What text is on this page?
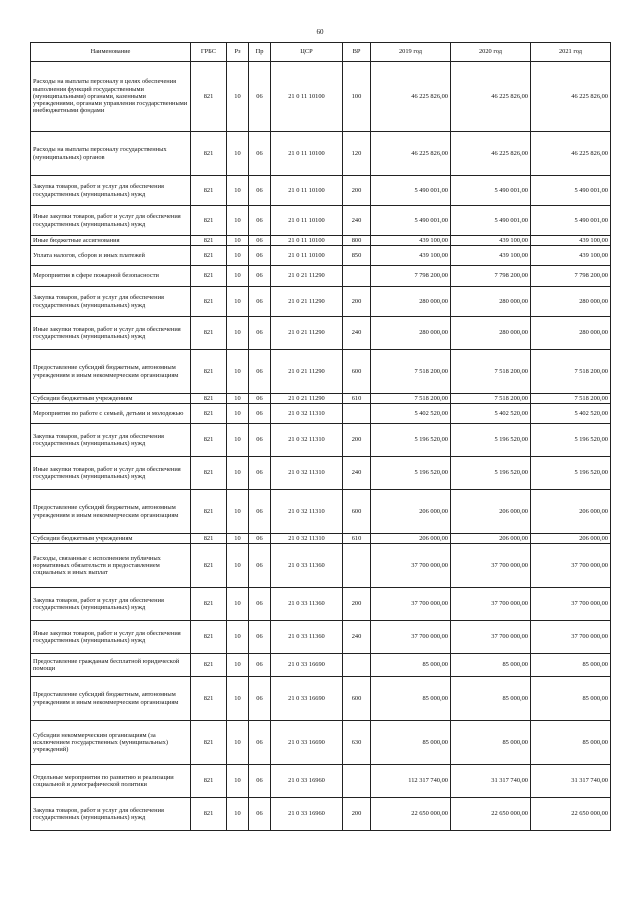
60
Наименование	ГРБС	Рз	Пр	ЦСР	ВР	2019 год	2020 год	2021 год
Расходы на выплаты персоналу в целях обеспечения выполнения функций государственными (муниципальными) органами, казенными учреждениями, органами управления государственными внебюджетными фондами	821	10	06	21 0 11 10100	100	46 225 826,00	46 225 826,00	46 225 826,00
Расходы на выплаты персоналу государственных (муниципальных) органов	821	10	06	21 0 11 10100	120	46 225 826,00	46 225 826,00	46 225 826,00
Закупка товаров, работ и услуг для обеспечения государственных (муниципальных) нужд	821	10	06	21 0 11 10100	200	5 490 001,00	5 490 001,00	5 490 001,00
Иные закупки товаров, работ и услуг для обеспечения государственных (муниципальных) нужд	821	10	06	21 0 11 10100	240	5 490 001,00	5 490 001,00	5 490 001,00
Иные бюджетные ассигнования	821	10	06	21 0 11 10100	800	439 100,00	439 100,00	439 100,00
Уплата налогов, сборов и иных платежей	821	10	06	21 0 11 10100	850	439 100,00	439 100,00	439 100,00
Мероприятия в сфере пожарной безопасности	821	10	06	21 0 21 11290		7 798 200,00	7 798 200,00	7 798 200,00
Закупка товаров, работ и услуг для обеспечения государственных (муниципальных) нужд	821	10	06	21 0 21 11290	200	280 000,00	280 000,00	280 000,00
Иные закупки товаров, работ и услуг для обеспечения государственных (муниципальных) нужд	821	10	06	21 0 21 11290	240	280 000,00	280 000,00	280 000,00
Предоставление субсидий бюджетным, автономным учреждениям и иным некоммерческим организациям	821	10	06	21 0 21 11290	600	7 518 200,00	7 518 200,00	7 518 200,00
Субсидии бюджетным учреждениям	821	10	06	21 0 21 11290	610	7 518 200,00	7 518 200,00	7 518 200,00
Мероприятия по работе с семьей, детьми и молодежью	821	10	06	21 0 32 11310		5 402 520,00	5 402 520,00	5 402 520,00
Закупка товаров, работ и услуг для обеспечения государственных (муниципальных) нужд	821	10	06	21 0 32 11310	200	5 196 520,00	5 196 520,00	5 196 520,00
Иные закупки товаров, работ и услуг для обеспечения государственных (муниципальных) нужд	821	10	06	21 0 32 11310	240	5 196 520,00	5 196 520,00	5 196 520,00
Предоставление субсидий бюджетным, автономным учреждениям и иным некоммерческим организациям	821	10	06	21 0 32 11310	600	206 000,00	206 000,00	206 000,00
Субсидии бюджетным учреждениям	821	10	06	21 0 32 11310	610	206 000,00	206 000,00	206 000,00
Расходы, связанные с исполнением публичных нормативных обязательств и предоставлением социальных и иных выплат	821	10	06	21 0 33 11360		37 700 000,00	37 700 000,00	37 700 000,00
Закупка товаров, работ и услуг для обеспечения государственных (муниципальных) нужд	821	10	06	21 0 33 11360	200	37 700 000,00	37 700 000,00	37 700 000,00
Иные закупки товаров, работ и услуг для обеспечения государственных (муниципальных) нужд	821	10	06	21 0 33 11360	240	37 700 000,00	37 700 000,00	37 700 000,00
Предоставление гражданам бесплатной юридической помощи	821	10	06	21 0 33 16690		85 000,00	85 000,00	85 000,00
Предоставление субсидий бюджетным, автономным учреждениям и иным некоммерческим организациям	821	10	06	21 0 33 16690	600	85 000,00	85 000,00	85 000,00
Субсидии некоммерческим организациям (за исключением государственных (муниципальных) учреждений)	821	10	06	21 0 33 16690	630	85 000,00	85 000,00	85 000,00
Отдельные мероприятия по развитию и реализации социальной и демографической политики	821	10	06	21 0 33 16960		112 317 740,00	31 317 740,00	31 317 740,00
Закупка товаров, работ и услуг для обеспечения государственных (муниципальных) нужд	821	10	06	21 0 33 16960	200	22 650 000,00	22 650 000,00	22 650 000,00
